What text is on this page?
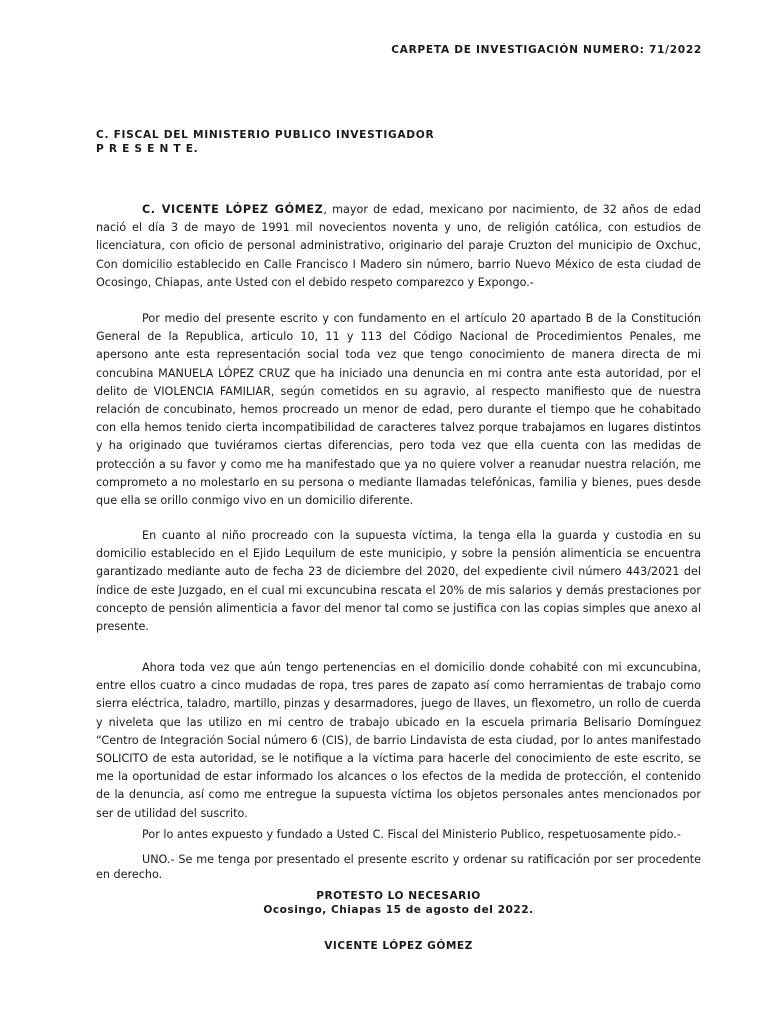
CARPETA DE INVESTIGACIÓN NUMERO: 71/2022
C. FISCAL DEL MINISTERIO PUBLICO INVESTIGADOR
P R E S E N T E.

C. VICENTE LÓPEZ GÓMEZ, mayor de edad, mexicano por nacimiento, de 32 años de edad nació el día 3 de mayo de 1991 mil novecientos noventa y uno, de religión católica, con estudios de licenciatura, con oficio de personal administrativo, originario del paraje Cruzton del municipio de Oxchuc, Con domicilio establecido en Calle Francisco I Madero sin número, barrio Nuevo México de esta ciudad de Ocosingo, Chiapas, ante Usted con el debido respeto comparezco y Expongo.-

Por medio del presente escrito y con fundamento en el artículo 20 apartado B de la Constitución General de la Republica, articulo 10, 11 y 113 del Código Nacional de Procedimientos Penales, me apersono ante esta representación social toda vez que tengo conocimiento de manera directa de mi concubina MANUELA LÓPEZ CRUZ que ha iniciado una denuncia en mi contra ante esta autoridad, por el delito de VIOLENCIA FAMILIAR, según cometidos en su agravio, al respecto manifiesto que de nuestra relación de concubinato, hemos procreado un menor de edad, pero durante el tiempo que he cohabitado con ella hemos tenido cierta incompatibilidad de caracteres talvez porque trabajamos en lugares distintos y ha originado que tuviéramos ciertas diferencias, pero toda vez que ella cuenta con las medidas de protección a su favor y como me ha manifestado que ya no quiere volver a reanudar nuestra relación, me comprometo a no molestarlo en su persona o mediante llamadas telefónicas, familia y bienes, pues desde que ella se orillo conmigo vivo en un domicilio diferente.

En cuanto al niño procreado con la supuesta víctima, la tenga ella la guarda y custodia en su domicilio establecido en el Ejido Lequilum de este municipio, y sobre la pensión alimenticia se encuentra garantizado mediante auto de fecha 23 de diciembre del 2020, del expediente civil número 443/2021 del índice de este Juzgado, en el cual mi excuncubina rescata el 20% de mis salarios y demás prestaciones por concepto de pensión alimenticia a favor del menor tal como se justifica con las copias simples que anexo al presente.

Ahora toda vez que aún tengo pertenencias en el domicilio donde cohabité con mi excuncubina, entre ellos cuatro a cinco mudadas de ropa, tres pares de zapato así como herramientas de trabajo como sierra eléctrica, taladro, martillo, pinzas y desarmadores, juego de llaves, un flexometro, un rollo de cuerda y niveleta que las utilizo en mi centro de trabajo ubicado en la escuela primaria Belisario Domínguez “Centro de Integración Social número 6 (CIS), de barrio Lindavista de esta ciudad, por lo antes manifestado SOLICITO de esta autoridad, se le notifique a la víctima para hacerle del conocimiento de este escrito, se me la oportunidad de estar informado los alcances o los efectos de la medida de protección, el contenido de la denuncia, así como me entregue la supuesta víctima los objetos personales antes mencionados por ser de utilidad del suscrito.

Por lo antes expuesto y fundado a Usted C. Fiscal del Ministerio Publico, respetuosamente pido.-

UNO.- Se me tenga por presentado el presente escrito y ordenar su ratificación por ser procedente en derecho.

PROTESTO LO NECESARIO
Ocosingo, Chiapas 15 de agosto del 2022.
VICENTE LÓPEZ GÓMEZ
